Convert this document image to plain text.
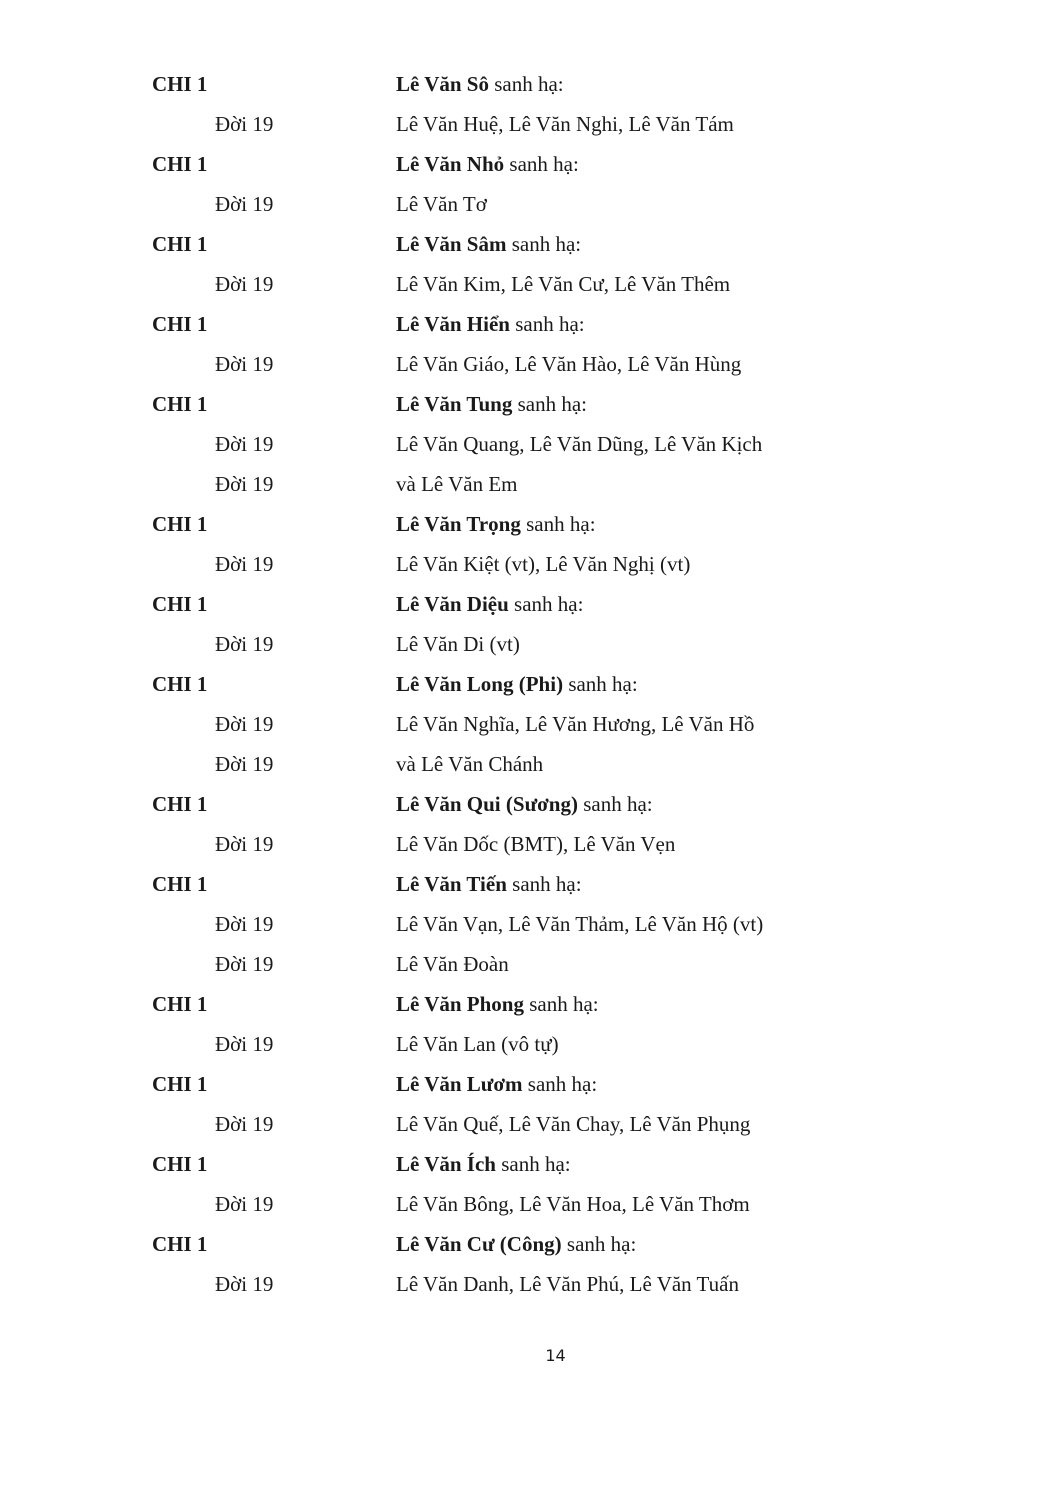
CHI 1	Lê Văn Sô sanh hạ:
Đời 19	Lê Văn Huệ, Lê Văn Nghi, Lê Văn Tám
CHI 1	Lê Văn Nhỏ sanh hạ:
Đời 19	Lê Văn Tơ
CHI 1	Lê Văn Sâm sanh hạ:
Đời 19	Lê Văn Kim, Lê Văn Cư, Lê Văn Thêm
CHI 1	Lê Văn Hiển sanh hạ:
Đời 19	Lê Văn Giáo, Lê Văn Hào, Lê Văn Hùng
CHI 1	Lê Văn Tung sanh hạ:
Đời 19	Lê Văn Quang, Lê Văn Dũng, Lê Văn Kịch
Đời 19	và Lê Văn Em
CHI 1	Lê Văn Trọng sanh hạ:
Đời 19	Lê Văn Kiệt (vt), Lê Văn Nghị (vt)
CHI 1	Lê Văn Diệu sanh hạ:
Đời 19	Lê Văn Di (vt)
CHI 1	Lê Văn Long (Phi) sanh hạ:
Đời 19	Lê Văn Nghĩa, Lê Văn Hương, Lê Văn Hồ
Đời 19	và Lê Văn Chánh
CHI 1	Lê Văn Qui (Sương) sanh hạ:
Đời 19	Lê Văn Dốc (BMT), Lê Văn Vẹn
CHI 1	Lê Văn Tiến sanh hạ:
Đời 19	Lê Văn Vạn, Lê Văn Thảm, Lê Văn Hộ (vt)
Đời 19	Lê Văn Đoàn
CHI 1	Lê Văn Phong sanh hạ:
Đời 19	Lê Văn Lan (vô tự)
CHI 1	Lê Văn Lươm sanh hạ:
Đời 19	Lê Văn Quế, Lê Văn Chay, Lê Văn Phụng
CHI 1	Lê Văn Ích sanh hạ:
Đời 19	Lê Văn Bông, Lê Văn Hoa, Lê Văn Thơm
CHI 1	Lê Văn Cư (Công) sanh hạ:
Đời 19	Lê Văn Danh, Lê Văn Phú, Lê Văn Tuấn
14
